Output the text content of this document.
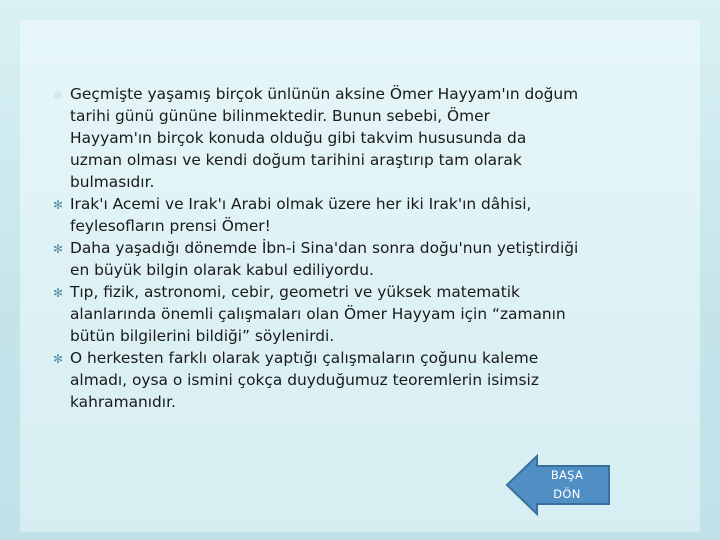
✻ Geçmişte yaşamış birçok ünlünün aksine Ömer Hayyam'ın doğum
tarihi günü gününe bilinmektedir. Bunun sebebi, Ömer
Hayyam'ın birçok konuda olduğu gibi takvim hususunda da
uzman olması ve kendi doğum tarihini araştırıp tam olarak
bulmasıdır.
✻ Irak'ı Acemi ve Irak'ı Arabi olmak üzere her iki Irak'ın dâhisi,
feylesofların prensi Ömer!
✻ Daha yaşadığı dönemde İbn-i Sina'dan sonra doğu'nun yetiştirdiği
en büyük bilgin olarak kabul ediliyordu.
✻ Tıp, fizik, astronomi, cebir, geometri ve yüksek matematik
alanlarında önemli çalışmaları olan Ömer Hayyam için “zamanın
bütün bilgilerini bildiği” söylenirdi.
✻ O herkesten farklı olarak yaptığı çalışmaların çoğunu kaleme
almadı, oysa o ismini çokça duyduğumuz teoremlerin isimsiz
kahramanıdır.
BAŞA
DÖN
